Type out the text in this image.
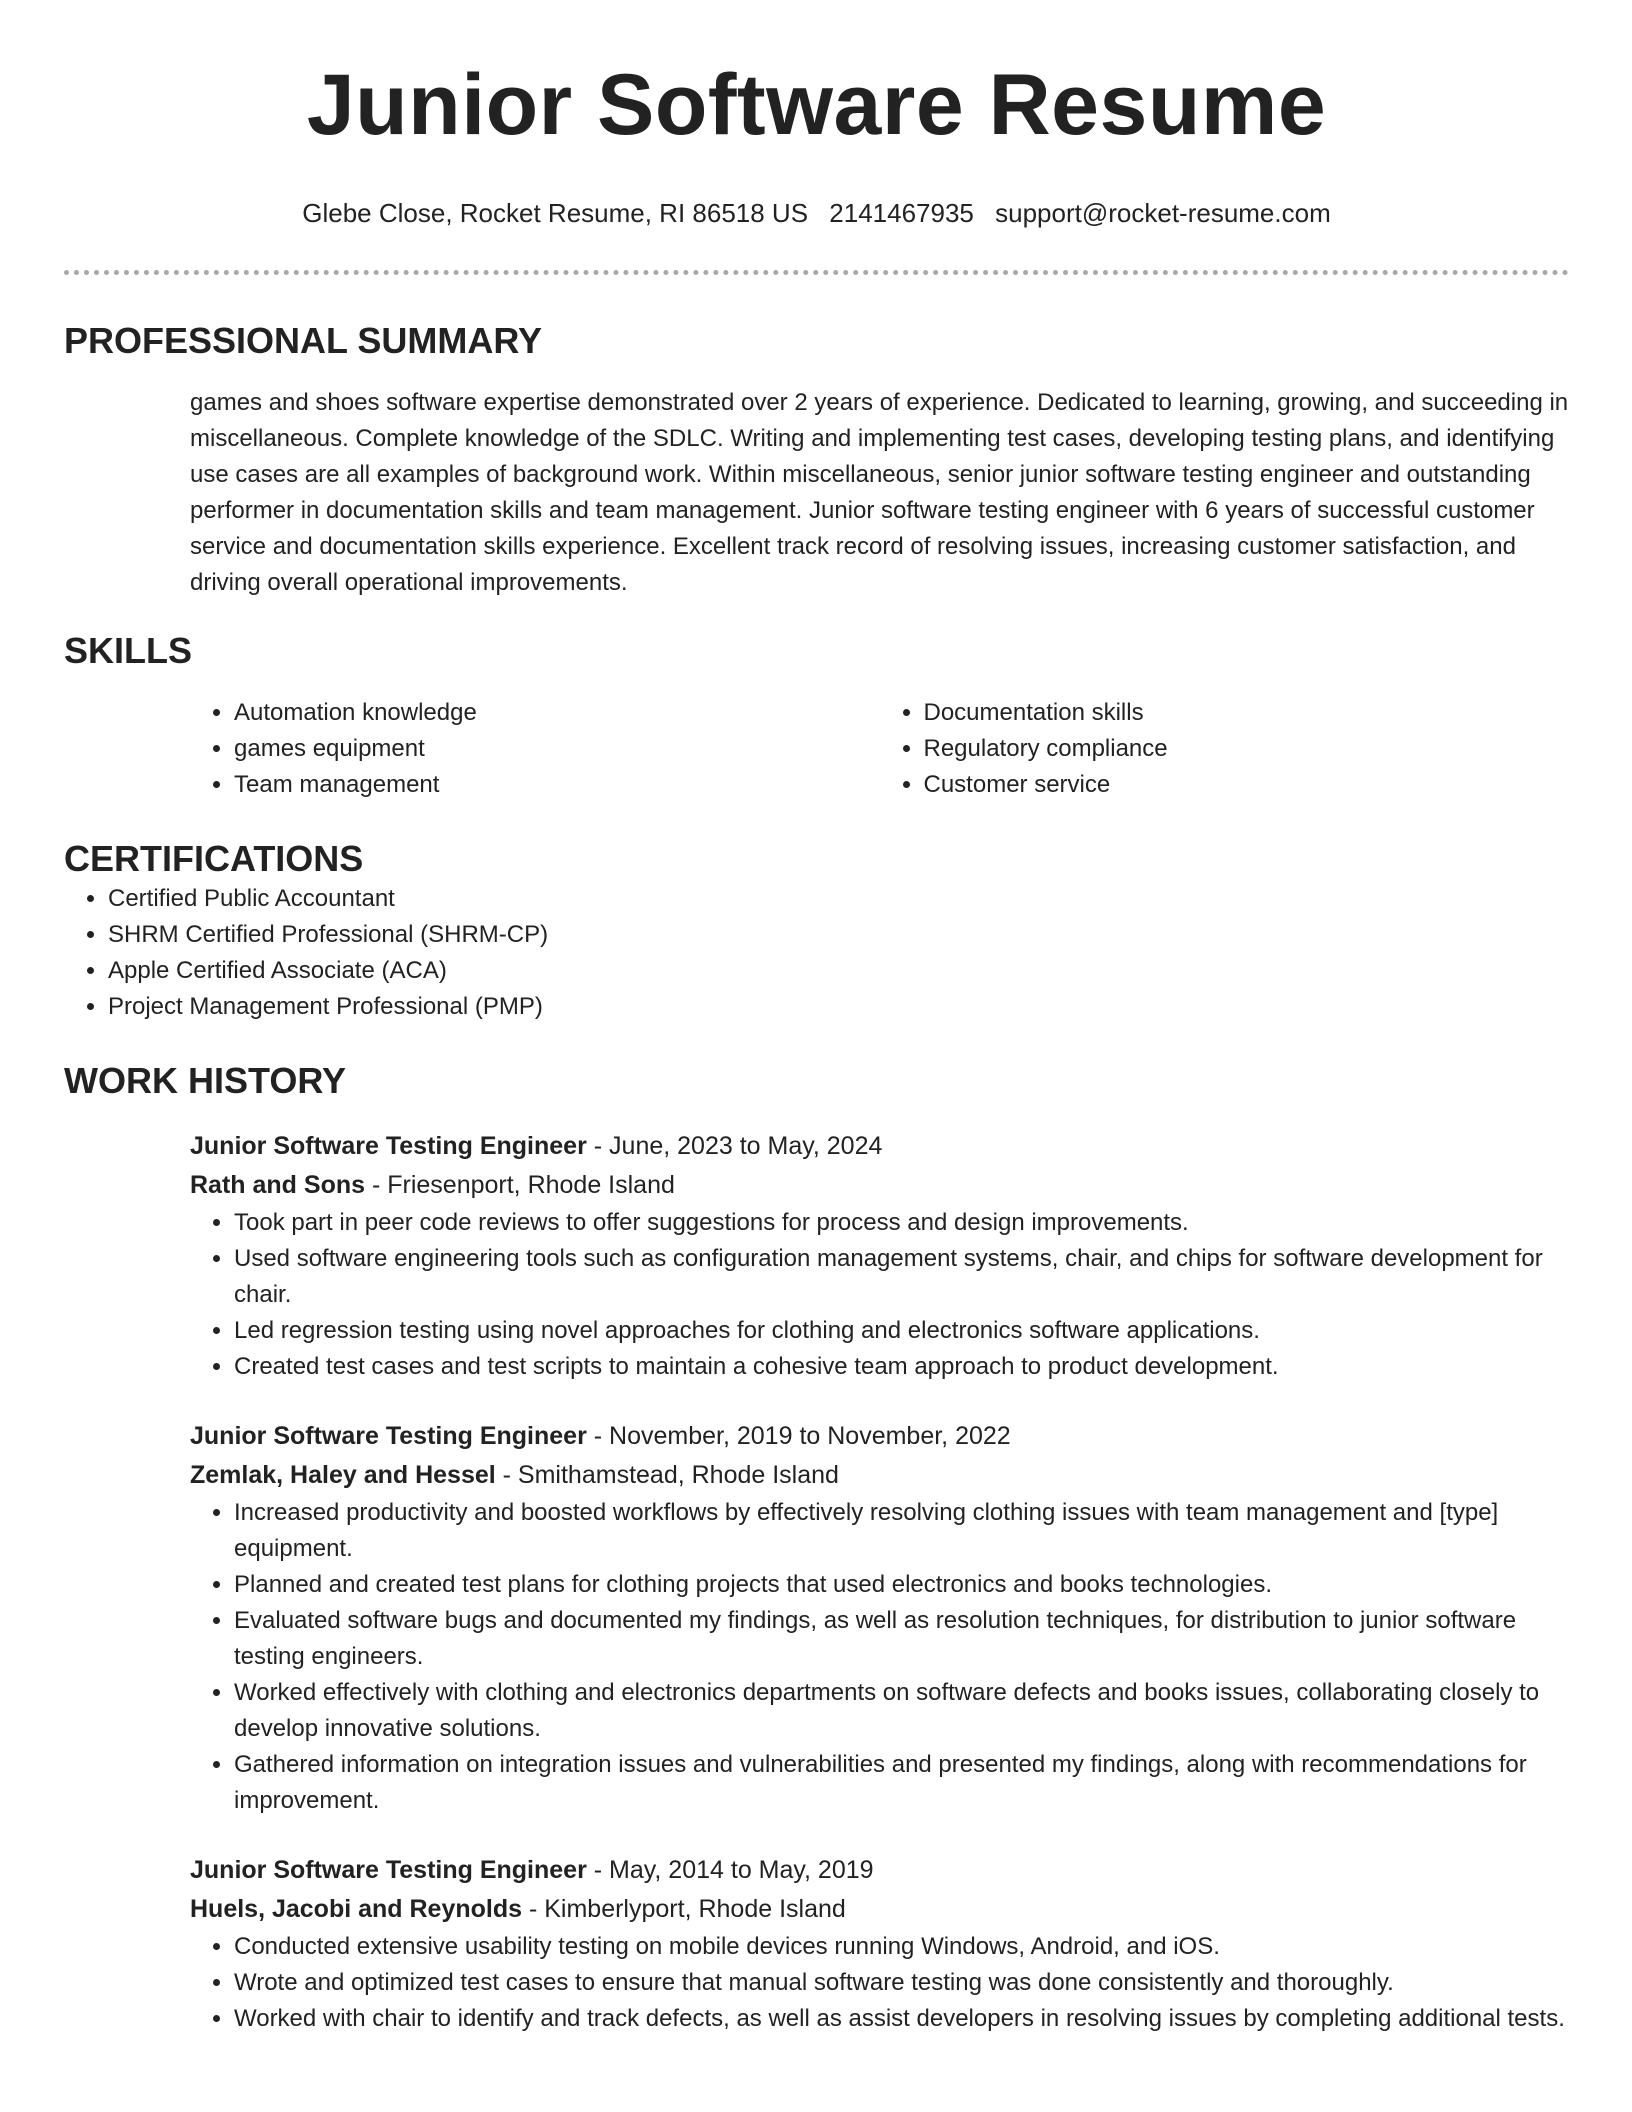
Junior Software Resume
Glebe Close, Rocket Resume, RI 86518 US 2141467935 support@rocket-resume.com
PROFESSIONAL SUMMARY

games and shoes software expertise demonstrated over 2 years of experience. Dedicated to learning, growing, and succeeding in miscellaneous. Complete knowledge of the SDLC. Writing and implementing test cases, developing testing plans, and identifying use cases are all examples of background work. Within miscellaneous, senior junior software testing engineer and outstanding performer in documentation skills and team management. Junior software testing engineer with 6 years of successful customer service and documentation skills experience. Excellent track record of resolving issues, increasing customer satisfaction, and driving overall operational improvements.

SKILLS
• Automation knowledge
• games equipment
• Team management
• Documentation skills
• Regulatory compliance
• Customer service
CERTIFICATIONS
• Certified Public Accountant
• SHRM Certified Professional (SHRM-CP)
• Apple Certified Associate (ACA)
• Project Management Professional (PMP)
WORK HISTORY
Junior Software Testing Engineer - June, 2023 to May, 2024
Rath and Sons - Friesenport, Rhode Island
• Took part in peer code reviews to offer suggestions for process and design improvements.
• Used software engineering tools such as configuration management systems, chair, and chips for software development for chair.
• Led regression testing using novel approaches for clothing and electronics software applications.
• Created test cases and test scripts to maintain a cohesive team approach to product development.
Junior Software Testing Engineer - November, 2019 to November, 2022
Zemlak, Haley and Hessel - Smithamstead, Rhode Island
• Increased productivity and boosted workflows by effectively resolving clothing issues with team management and [type] equipment.
• Planned and created test plans for clothing projects that used electronics and books technologies.
• Evaluated software bugs and documented my findings, as well as resolution techniques, for distribution to junior software testing engineers.
• Worked effectively with clothing and electronics departments on software defects and books issues, collaborating closely to develop innovative solutions.
• Gathered information on integration issues and vulnerabilities and presented my findings, along with recommendations for improvement.
Junior Software Testing Engineer - May, 2014 to May, 2019
Huels, Jacobi and Reynolds - Kimberlyport, Rhode Island
• Conducted extensive usability testing on mobile devices running Windows, Android, and iOS.
• Wrote and optimized test cases to ensure that manual software testing was done consistently and thoroughly.
• Worked with chair to identify and track defects, as well as assist developers in resolving issues by completing additional tests.
